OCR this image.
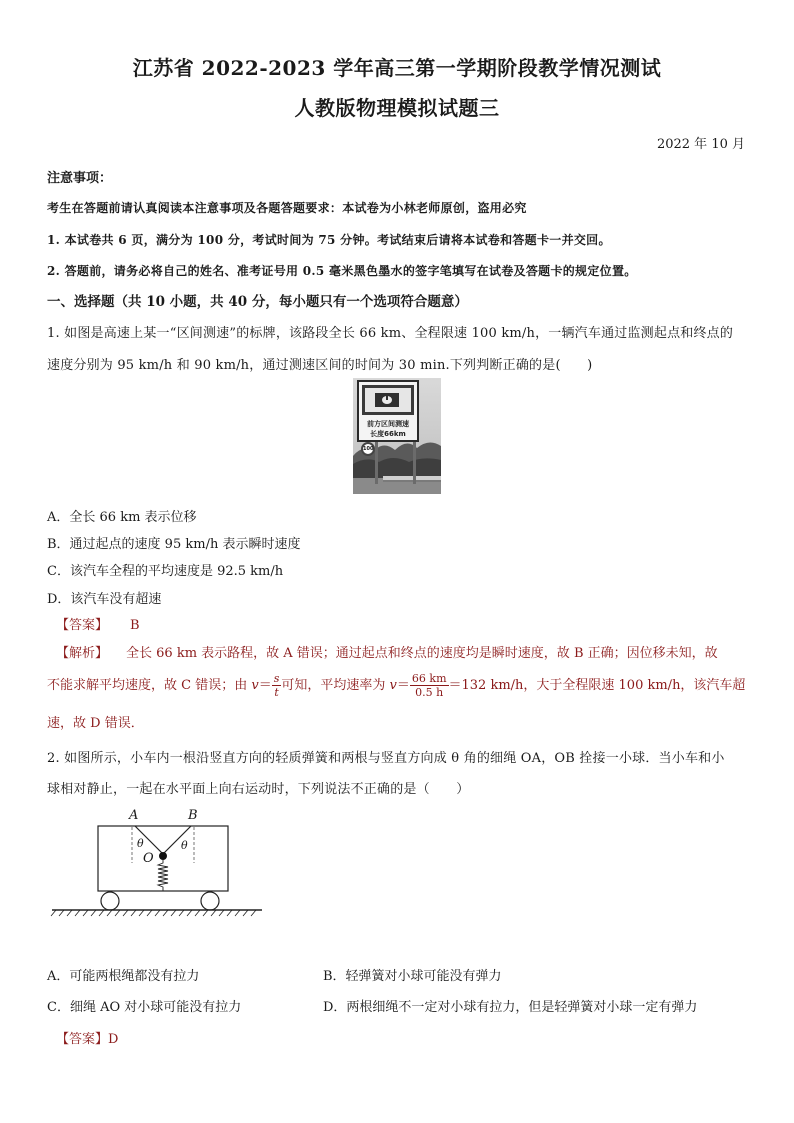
江苏省 2022-2023 学年高三第一学期阶段教学情况测试
人教版物理模拟试题三
2022 年 10 月
注意事项：
考生在答题前请认真阅读本注意事项及各题答题要求：本试卷为小林老师原创，盗用必究
1. 本试卷共 6 页，满分为 100 分，考试时间为 75 分钟。考试结束后请将本试卷和答题卡一并交回。
2. 答题前，请务必将自己的姓名、准考证号用 0.5 毫米黑色墨水的签字笔填写在试卷及答题卡的规定位置。
一、选择题（共 10 小题，共 40 分，每小题只有一个选项符合题意）
1. 如图是高速上某一“区间测速”的标牌，该路段全长 66 km、全程限速 100 km/h，一辆汽车通过监测起点和终点的
速度分别为 95 km/h 和 90 km/h，通过测速区间的时间为 30 min.下列判断正确的是(　　)
前方区间测速
长度66km
100
A．全长 66 km 表示位移
B．通过起点的速度 95 km/h 表示瞬时速度
C．该汽车全程的平均速度是 92.5 km/h
D．该汽车没有超速
【答案】 B
【解析】 全长 66 km 表示路程，故 A 错误；通过起点和终点的速度均是瞬时速度，故 B 正确；因位移未知，故
不能求解平均速度，故 C 错误；由 $v= \frac{s}{t}$ 可知，平均速率为 $v= \frac{66 km}{0.5 h} =132$ km/h，大于全程限速 100 km/h，该汽车超
速，故 D 错误．
2. 如图所示，小车内一根沿竖直方向的轻质弹簧和两根与竖直方向成 θ 角的细绳 OA，OB 拴接一小球．当小车和小
球相对静止，一起在水平面上向右运动时，下列说法不正确的是（　　）
A	B
O
θ	θ
A．可能两根绳都没有拉力	B．轻弹簧对小球可能没有弹力
C．细绳 AO 对小球可能没有拉力	D．两根细绳不一定对小球有拉力，但是轻弹簧对小球一定有弹力
【答案】D
